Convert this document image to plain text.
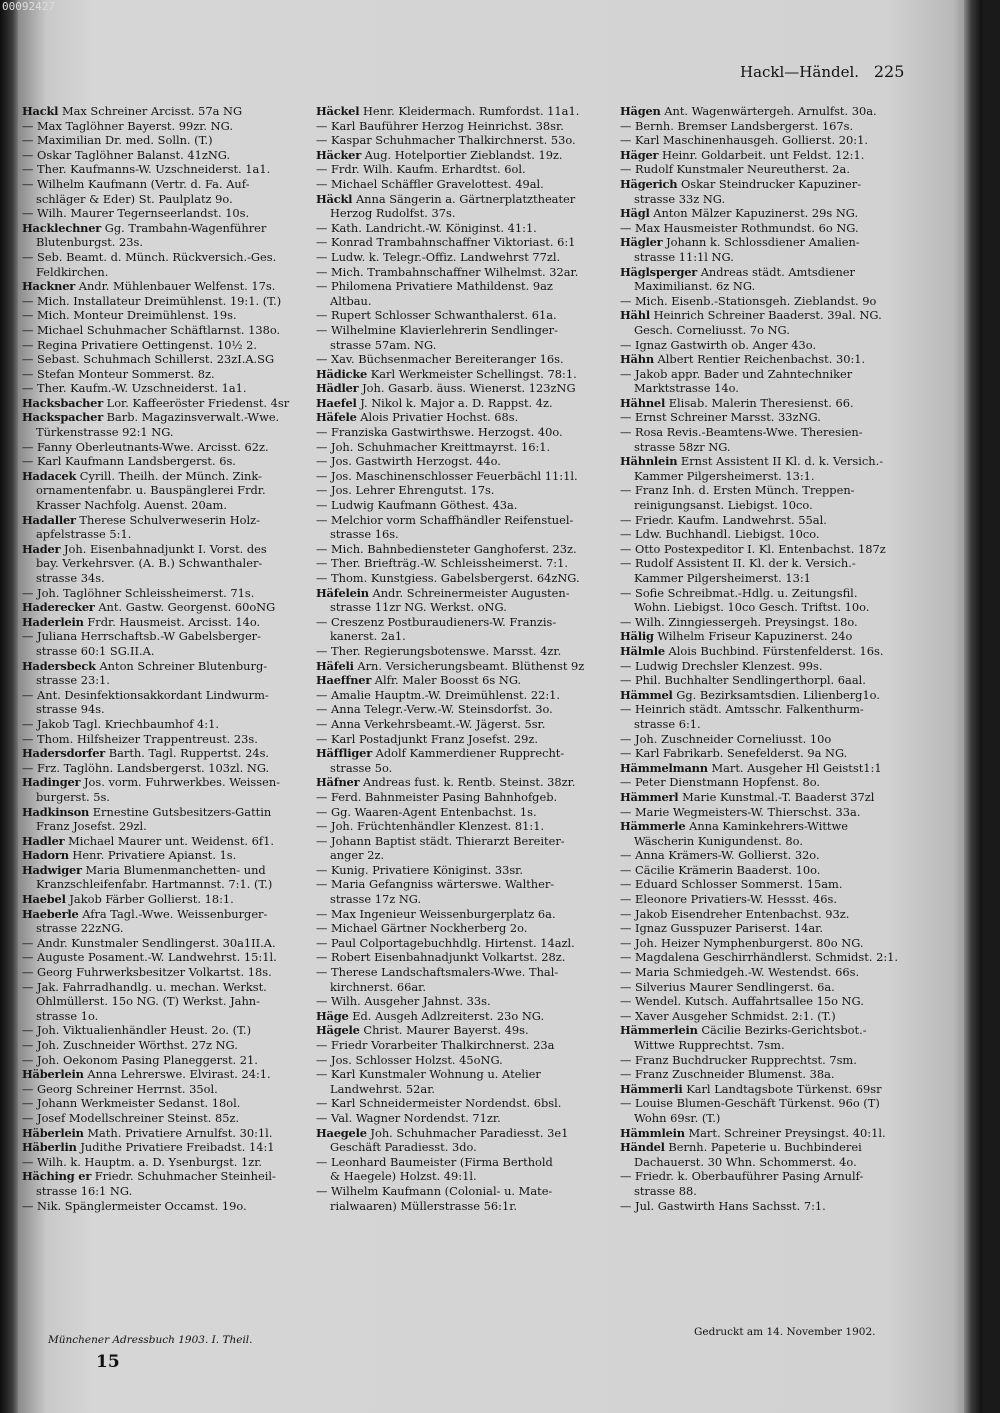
00092427
Hackl—Händel. 225
Hackl Max Schreiner Arcisst. 57a NG
— Max Taglöhner Bayerst. 99zr. NG.
— Maximilian Dr. med. Solln. (T.)
— Oskar Taglöhner Balanst. 41zNG.
— Ther. Kaufmanns-W. Uzschneiderst. 1a1.
— Wilhelm Kaufmann (Vertr. d. Fa. Auf-
schläger & Eder) St. Paulplatz 9o.
— Wilh. Maurer Tegernseerlandst. 10s.
Hacklechner Gg. Trambahn-Wagenführer
Blutenburgst. 23s.
— Seb. Beamt. d. Münch. Rückversich.-Ges.
Feldkirchen.
Hackner Andr. Mühlenbauer Welfenst. 17s.
— Mich. Installateur Dreimühlenst. 19:1. (T.)
— Mich. Monteur Dreimühlenst. 19s.
— Michael Schuhmacher Schäftlarnst. 138o.
— Regina Privatiere Oettingenst. 10½ 2.
— Sebast. Schuhmach Schillerst. 23zI.A.SG
— Stefan Monteur Sommerst. 8z.
— Ther. Kaufm.-W. Uzschneiderst. 1a1.
Hacksbacher Lor. Kaffeeröster Friedenst. 4sr
Hackspacher Barb. Magazinsverwalt.-Wwe.
Türkenstrasse 92:1 NG.
— Fanny Oberleutnants-Wwe. Arcisst. 62z.
— Karl Kaufmann Landsbergerst. 6s.
Hadacek Cyrill. Theilh. der Münch. Zink-
ornamentenfabr. u. Bauspänglerei Frdr.
Krasser Nachfolg. Auenst. 20am.
Hadaller Therese Schulverweserin Holz-
apfelstrasse 5:1.
Hader Joh. Eisenbahnadjunkt I. Vorst. des
bay. Verkehrsver. (A. B.) Schwanthaler-
strasse 34s.
— Joh. Taglöhner Schleissheimerst. 71s.
Haderecker Ant. Gastw. Georgenst. 60oNG
Haderlein Frdr. Hausmeist. Arcisst. 14o.
— Juliana Herrschaftsb.-W Gabelsberger-
strasse 60:1 SG.II.A.
Hadersbeck Anton Schreiner Blutenburg-
strasse 23:1.
— Ant. Desinfektionsakkordant Lindwurm-
strasse 94s.
— Jakob Tagl. Kriechbaumhof 4:1.
— Thom. Hilfsheizer Trappentreust. 23s.
Hadersdorfer Barth. Tagl. Ruppertst. 24s.
— Frz. Taglöhn. Landsbergerst. 103zl. NG.
Hadinger Jos. vorm. Fuhrwerkbes. Weissen-
burgerst. 5s.
Hadkinson Ernestine Gutsbesitzers-Gattin
Franz Josefst. 29zl.
Hadler Michael Maurer unt. Weidenst. 6f1.
Hadorn Henr. Privatiere Apianst. 1s.
Hadwiger Maria Blumenmanchetten- und
Kranzschleifenfabr. Hartmannst. 7:1. (T.)
Haebel Jakob Färber Gollierst. 18:1.
Haeberle Afra Tagl.-Wwe. Weissenburger-
strasse 22zNG.
— Andr. Kunstmaler Sendlingerst. 30a1II.A.
— Auguste Posament.-W. Landwehrst. 15:1l.
— Georg Fuhrwerksbesitzer Volkartst. 18s.
— Jak. Fahrradhandlg. u. mechan. Werkst.
Ohlmüllerst. 15o NG. (T) Werkst. Jahn-
strasse 1o.
— Joh. Viktualienhändler Heust. 2o. (T.)
— Joh. Zuschneider Wörthst. 27z NG.
— Joh. Oekonom Pasing Planeggerst. 21.
Häberlein Anna Lehrerswe. Elvirast. 24:1.
— Georg Schreiner Herrnst. 35ol.
— Johann Werkmeister Sedanst. 18ol.
— Josef Modellschreiner Steinst. 85z.
Häberlein Math. Privatiere Arnulfst. 30:1l.
Häberlin Judithe Privatiere Freibadst. 14:1
— Wilh. k. Hauptm. a. D. Ysenburgst. 1zr.
Häching er Friedr. Schuhmacher Steinheil-
strasse 16:1 NG.
— Nik. Spänglermeister Occamst. 19o.
Häckel Henr. Kleidermach. Rumfordst. 11a1.
— Karl Bauführer Herzog Heinrichst. 38sr.
— Kaspar Schuhmacher Thalkirchnerst. 53o.
Häcker Aug. Hotelportier Zieblandst. 19z.
— Frdr. Wilh. Kaufm. Erhardtst. 6ol.
— Michael Schäffler Gravelottest. 49al.
Häckl Anna Sängerin a. Gärtnerplatztheater
Herzog Rudolfst. 37s.
— Kath. Landricht.-W. Königinst. 41:1.
— Konrad Trambahnschaffner Viktoriast. 6:1
— Ludw. k. Telegr.-Offiz. Landwehrst 77zl.
— Mich. Trambahnschaffner Wilhelmst. 32ar.
— Philomena Privatiere Mathildenst. 9az
Altbau.
— Rupert Schlosser Schwanthalerst. 61a.
— Wilhelmine Klavierlehrerin Sendlinger-
strasse 57am. NG.
— Xav. Büchsenmacher Bereiteranger 16s.
Hädicke Karl Werkmeister Schellingst. 78:1.
Hädler Joh. Gasarb. äuss. Wienerst. 123zNG
Haefel J. Nikol k. Major a. D. Rappst. 4z.
Häfele Alois Privatier Hochst. 68s.
— Franziska Gastwirthswe. Herzogst. 40o.
— Joh. Schuhmacher Kreittmayrst. 16:1.
— Jos. Gastwirth Herzogst. 44o.
— Jos. Maschinenschlosser Feuerbächl 11:1l.
— Jos. Lehrer Ehrengutst. 17s.
— Ludwig Kaufmann Göthest. 43a.
— Melchior vorm Schaffhändler Reifenstuel-
strasse 16s.
— Mich. Bahnbediensteter Ganghoferst. 23z.
— Ther. Briefträg.-W. Schleissheimerst. 7:1.
— Thom. Kunstgiess. Gabelsbergerst. 64zNG.
Häfelein Andr. Schreinermeister Augusten-
strasse 11zr NG. Werkst. oNG.
— Creszenz Postburaudieners-W. Franzis-
kanerst. 2a1.
— Ther. Regierungsbotenswe. Marsst. 4zr.
Häfeli Arn. Versicherungsbeamt. Blüthenst 9z
Haeffner Alfr. Maler Boosst 6s NG.
— Amalie Hauptm.-W. Dreimühlenst. 22:1.
— Anna Telegr.-Verw.-W. Steinsdorfst. 3o.
— Anna Verkehrsbeamt.-W. Jägerst. 5sr.
— Karl Postadjunkt Franz Josefst. 29z.
Häffliger Adolf Kammerdiener Rupprecht-
strasse 5o.
Häfner Andreas fust. k. Rentb. Steinst. 38zr.
— Ferd. Bahnmeister Pasing Bahnhofgeb.
— Gg. Waaren-Agent Entenbachst. 1s.
— Joh. Früchtenhändler Klenzest. 81:1.
— Johann Baptist städt. Thierarzt Bereiter-
anger 2z.
— Kunig. Privatiere Königinst. 33sr.
— Maria Gefangniss wärterswe. Walther-
strasse 17z NG.
— Max Ingenieur Weissenburgerplatz 6a.
— Michael Gärtner Nockherberg 2o.
— Paul Colportagebuchhdlg. Hirtenst. 14azl.
— Robert Eisenbahnadjunkt Volkartst. 28z.
— Therese Landschaftsmalers-Wwe. Thal-
kirchnerst. 66ar.
— Wilh. Ausgeher Jahnst. 33s.
Häge Ed. Ausgeh Adlzreiterst. 23o NG.
Hägele Christ. Maurer Bayerst. 49s.
— Friedr Vorarbeiter Thalkirchnerst. 23a
— Jos. Schlosser Holzst. 45oNG.
— Karl Kunstmaler Wohnung u. Atelier
Landwehrst. 52ar.
— Karl Schneidermeister Nordendst. 6bsl.
— Val. Wagner Nordendst. 71zr.
Haegele Joh. Schuhmacher Paradiesst. 3e1
Geschäft Paradiesst. 3do.
— Leonhard Baumeister (Firma Berthold
& Haegele) Holzst. 49:1l.
— Wilhelm Kaufmann (Colonial- u. Mate-
rialwaaren) Müllerstrasse 56:1r.
Hägen Ant. Wagenwärtergeh. Arnulfst. 30a.
— Bernh. Bremser Landsbergerst. 167s.
— Karl Maschinenhausgeh. Gollierst. 20:1.
Häger Heinr. Goldarbeit. unt Feldst. 12:1.
— Rudolf Kunstmaler Neureutherst. 2a.
Hägerich Oskar Steindrucker Kapuziner-
strasse 33z NG.
Hägl Anton Mälzer Kapuzinerst. 29s NG.
— Max Hausmeister Rothmundst. 6o NG.
Hägler Johann k. Schlossdiener Amalien-
strasse 11:1l NG.
Häglsperger Andreas städt. Amtsdiener
Maximilianst. 6z NG.
— Mich. Eisenb.-Stationsgeh. Zieblandst. 9o
Hähl Heinrich Schreiner Baaderst. 39al. NG.
Gesch. Corneliusst. 7o NG.
— Ignaz Gastwirth ob. Anger 43o.
Hähn Albert Rentier Reichenbachst. 30:1.
— Jakob appr. Bader und Zahntechniker
Marktstrasse 14o.
Hähnel Elisab. Malerin Theresienst. 66.
— Ernst Schreiner Marsst. 33zNG.
— Rosa Revis.-Beamtens-Wwe. Theresien-
strasse 58zr NG.
Hähnlein Ernst Assistent II Kl. d. k. Versich.-
Kammer Pilgersheimerst. 13:1.
— Franz Inh. d. Ersten Münch. Treppen-
reinigungsanst. Liebigst. 10co.
— Friedr. Kaufm. Landwehrst. 55al.
— Ldw. Buchhandl. Liebigst. 10co.
— Otto Postexpeditor I. Kl. Entenbachst. 187z
— Rudolf Assistent II. Kl. der k. Versich.-
Kammer Pilgersheimerst. 13:1
— Sofie Schreibmat.-Hdlg. u. Zeitungsfil.
Wohn. Liebigst. 10co Gesch. Triftst. 10o.
— Wilh. Zinngiessergeh. Preysingst. 18o.
Hälig Wilhelm Friseur Kapuzinerst. 24o
Hälmle Alois Buchbind. Fürstenfelderst. 16s.
— Ludwig Drechsler Klenzest. 99s.
— Phil. Buchhalter Sendlingerthorpl. 6aal.
Hämmel Gg. Bezirksamtsdien. Lilienberg1o.
— Heinrich städt. Amtsschr. Falkenthurm-
strasse 6:1.
— Joh. Zuschneider Corneliusst. 10o
— Karl Fabrikarb. Senefelderst. 9a NG.
Hämmelmann Mart. Ausgeher Hl Geistst1:1
— Peter Dienstmann Hopfenst. 8o.
Hämmerl Marie Kunstmal.-T. Baaderst 37zl
— Marie Wegmeisters-W. Thierschst. 33a.
Hämmerle Anna Kaminkehrers-Wittwe
Wäscherin Kunigundenst. 8o.
— Anna Krämers-W. Gollierst. 32o.
— Cäcilie Krämerin Baaderst. 10o.
— Eduard Schlosser Sommerst. 15am.
— Eleonore Privatiers-W. Hessst. 46s.
— Jakob Eisendreher Entenbachst. 93z.
— Ignaz Gusspuzer Pariserst. 14ar.
— Joh. Heizer Nymphenburgerst. 80o NG.
— Magdalena Geschirrhändlerst. Schmidst. 2:1.
— Maria Schmiedgeh.-W. Westendst. 66s.
— Silverius Maurer Sendlingerst. 6a.
— Wendel. Kutsch. Auffahrtsallee 15o NG.
— Xaver Ausgeher Schmidst. 2:1. (T.)
Hämmerlein Cäcilie Bezirks-Gerichtsbot.-
Wittwe Rupprechtst. 7sm.
— Franz Buchdrucker Rupprechtst. 7sm.
— Franz Zuschneider Blumenst. 38a.
Hämmerli Karl Landtagsbote Türkenst. 69sr
— Louise Blumen-Geschäft Türkenst. 96o (T)
Wohn 69sr. (T.)
Hämmlein Mart. Schreiner Preysingst. 40:1l.
Händel Bernh. Papeterie u. Buchbinderei
Dachauerst. 30 Whn. Schommerst. 4o.
— Friedr. k. Oberbauführer Pasing Arnulf-
strasse 88.
— Jul. Gastwirth Hans Sachsst. 7:1.
Münchener Adressbuch 1903. I. Theil.
15
Gedruckt am 14. November 1902.
